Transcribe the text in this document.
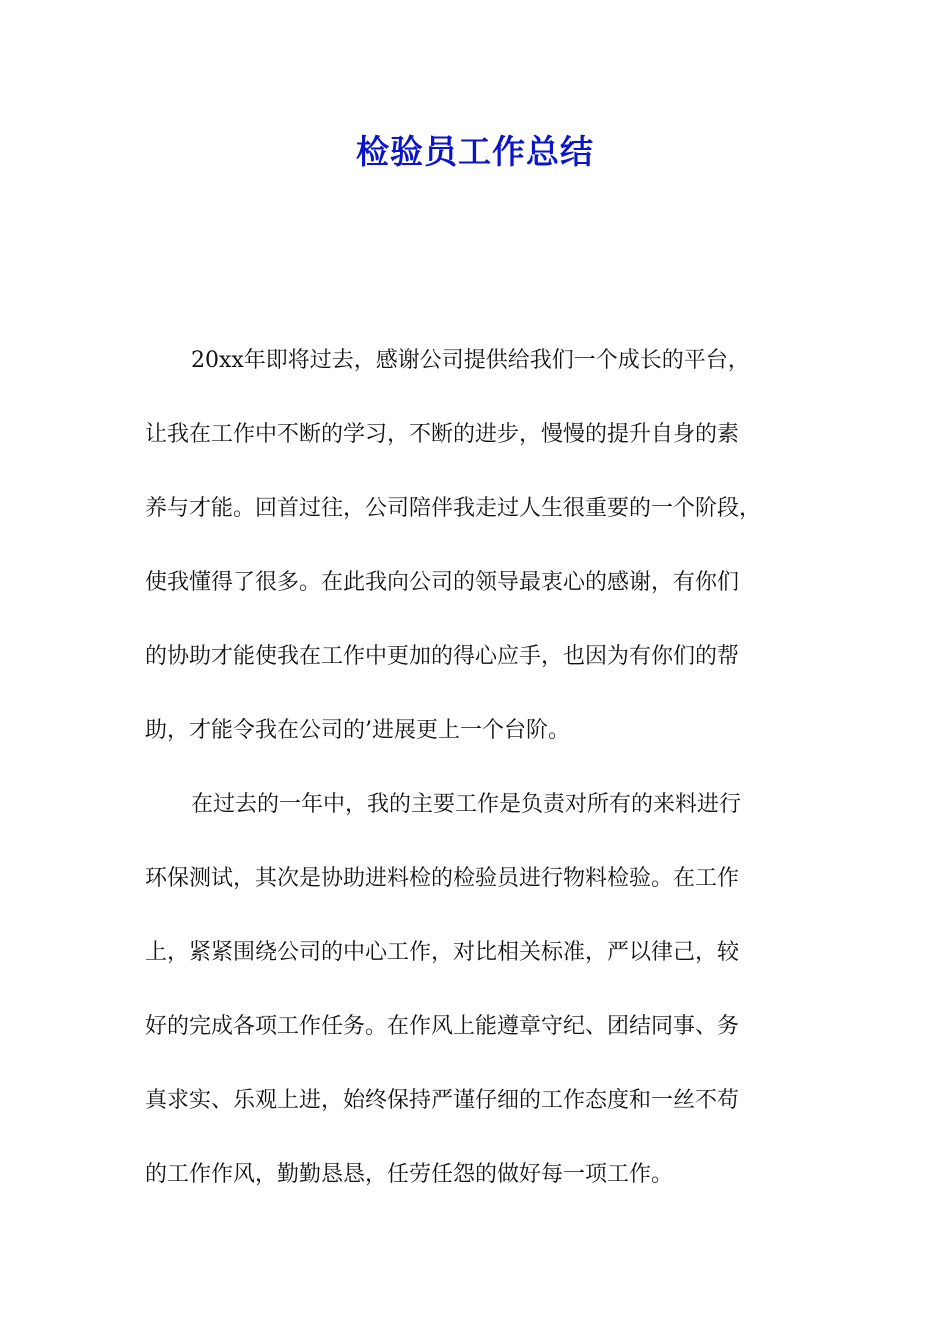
检验员工作总结
20xx年即将过去，感谢公司提供给我们一个成长的平台，
让我在工作中不断的学习，不断的进步，慢慢的提升自身的素
养与才能。回首过往，公司陪伴我走过人生很重要的一个阶段，
使我懂得了很多。在此我向公司的领导最衷心的感谢，有你们
的协助才能使我在工作中更加的得心应手，也因为有你们的帮
助，才能令我在公司的’进展更上一个台阶。
在过去的一年中，我的主要工作是负责对所有的来料进行
环保测试，其次是协助进料检的检验员进行物料检验。在工作
上，紧紧围绕公司的中心工作，对比相关标准，严以律己，较
好的完成各项工作任务。在作风上能遵章守纪、团结同事、务
真求实、乐观上进，始终保持严谨仔细的工作态度和一丝不苟
的工作作风，勤勤恳恳，任劳任怨的做好每一项工作。
